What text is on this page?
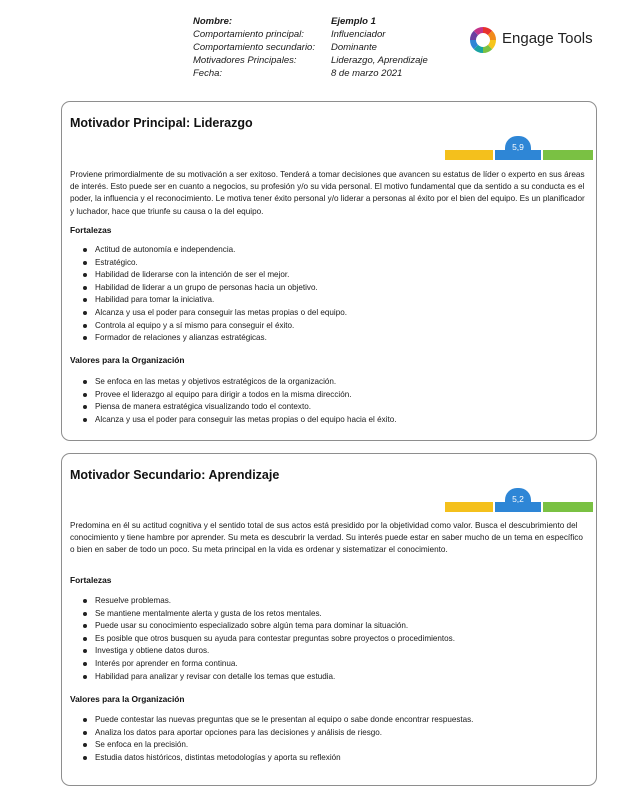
Nombre:
Comportamiento principal:
Comportamiento secundario:
Motivadores Principales:
Fecha:
Ejemplo 1
Influenciador
Dominante
Liderazgo, Aprendizaje
8 de marzo 2021
Engage Tools
Motivador Principal: Liderazgo
5,9
Proviene primordialmente de su motivación a ser exitoso. Tenderá a tomar decisiones que avancen su estatus de líder o experto en sus áreas de interés. Esto puede ser en cuanto a negocios, su profesión y/o su vida personal. El motivo fundamental que da sentido a su conducta es el poder, la influencia y el reconocimiento. Le motiva tener éxito personal y/o liderar a personas al éxito por el bien del equipo. Es un planificador y luchador, hace que triunfe su causa o la del equipo.
Fortalezas
Actitud de autonomía e independencia.
Estratégico.
Habilidad de liderarse con la intención de ser el mejor.
Habilidad de liderar a un grupo de personas hacia un objetivo.
Habilidad para tomar la iniciativa.
Alcanza y usa el poder para conseguir las metas propias o del equipo.
Controla al equipo y a sí mismo para conseguir el éxito.
Formador de relaciones y alianzas estratégicas.
Valores para la Organización
Se enfoca en las metas y objetivos estratégicos de la organización.
Provee el liderazgo al equipo para dirigir a todos en la misma dirección.
Piensa de manera estratégica visualizando todo el contexto.
Alcanza y usa el poder para conseguir las metas propias o del equipo hacia el éxito.
Motivador Secundario: Aprendizaje
5,2
Predomina en él su actitud cognitiva y el sentido total de sus actos está presidido por la objetividad como valor. Busca el descubrimiento del conocimiento y tiene hambre por aprender. Su meta es descubrir la verdad. Su interés puede estar en saber mucho de un tema en específico o bien en saber de todo un poco. Su meta principal en la vida es ordenar y sistematizar el conocimiento.
Fortalezas
Resuelve problemas.
Se mantiene mentalmente alerta y gusta de los retos mentales.
Puede usar su conocimiento especializado sobre algún tema para dominar la situación.
Es posible que otros busquen su ayuda para contestar preguntas sobre proyectos o procedimientos.
Investiga y obtiene datos duros.
Interés por aprender en forma continua.
Habilidad para analizar y revisar con detalle los temas que estudia.
Valores para la Organización
Puede contestar las nuevas preguntas que se le presentan al equipo o sabe donde encontrar respuestas.
Analiza los datos para aportar opciones para las decisiones y análisis de riesgo.
Se enfoca en la precisión.
Estudia datos históricos, distintas metodologías y aporta su reflexión
